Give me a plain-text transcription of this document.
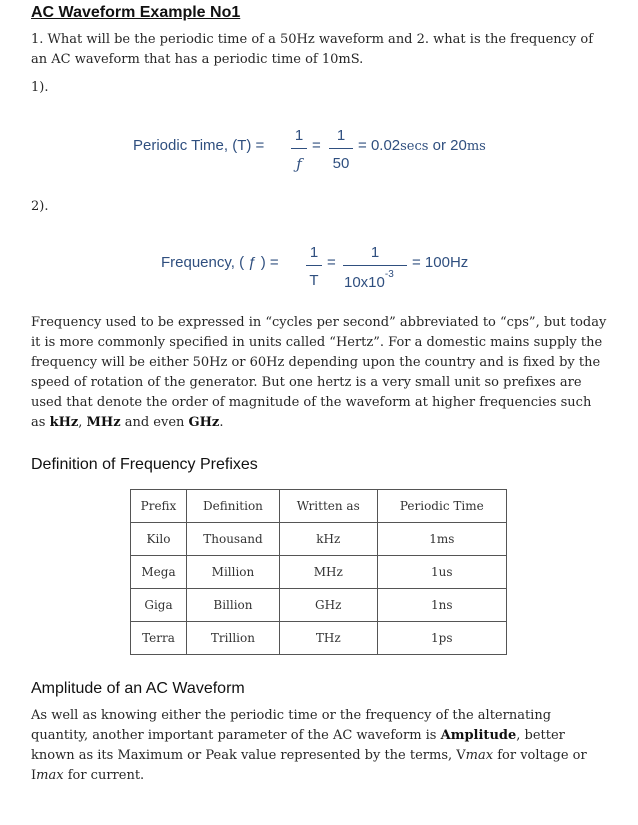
AC Waveform Example No1
1. What will be the periodic time of a 50Hz waveform and 2. what is the frequency of an AC waveform that has a periodic time of 10mS.
1).
Periodic Time, (T) =
1
ƒ
=
1
50
= 0.02secs or 20ms
2).
Frequency, ( ƒ ) =
1
T
=
1
$10x10^{-3}$
= 100Hz
Frequency used to be expressed in “cycles per second” abbreviated to “cps”, but today it is more commonly specified in units called “Hertz”. For a domestic mains supply the frequency will be either 50Hz or 60Hz depending upon the country and is fixed by the speed of rotation of the generator. But one hertz is a very small unit so prefixes are used that denote the order of magnitude of the waveform at higher frequencies such as kHz, MHz and even GHz.
Definition of Frequency Prefixes
Prefix	Definition	Written as	Periodic Time
Kilo	Thousand	kHz	1ms
Mega	Million	MHz	1us
Giga	Billion	GHz	1ns
Terra	Trillion	THz	1ps
Amplitude of an AC Waveform
As well as knowing either the periodic time or the frequency of the alternating quantity, another important parameter of the AC waveform is Amplitude, better known as its Maximum or Peak value represented by the terms, Vmax for voltage or Imax for current.
